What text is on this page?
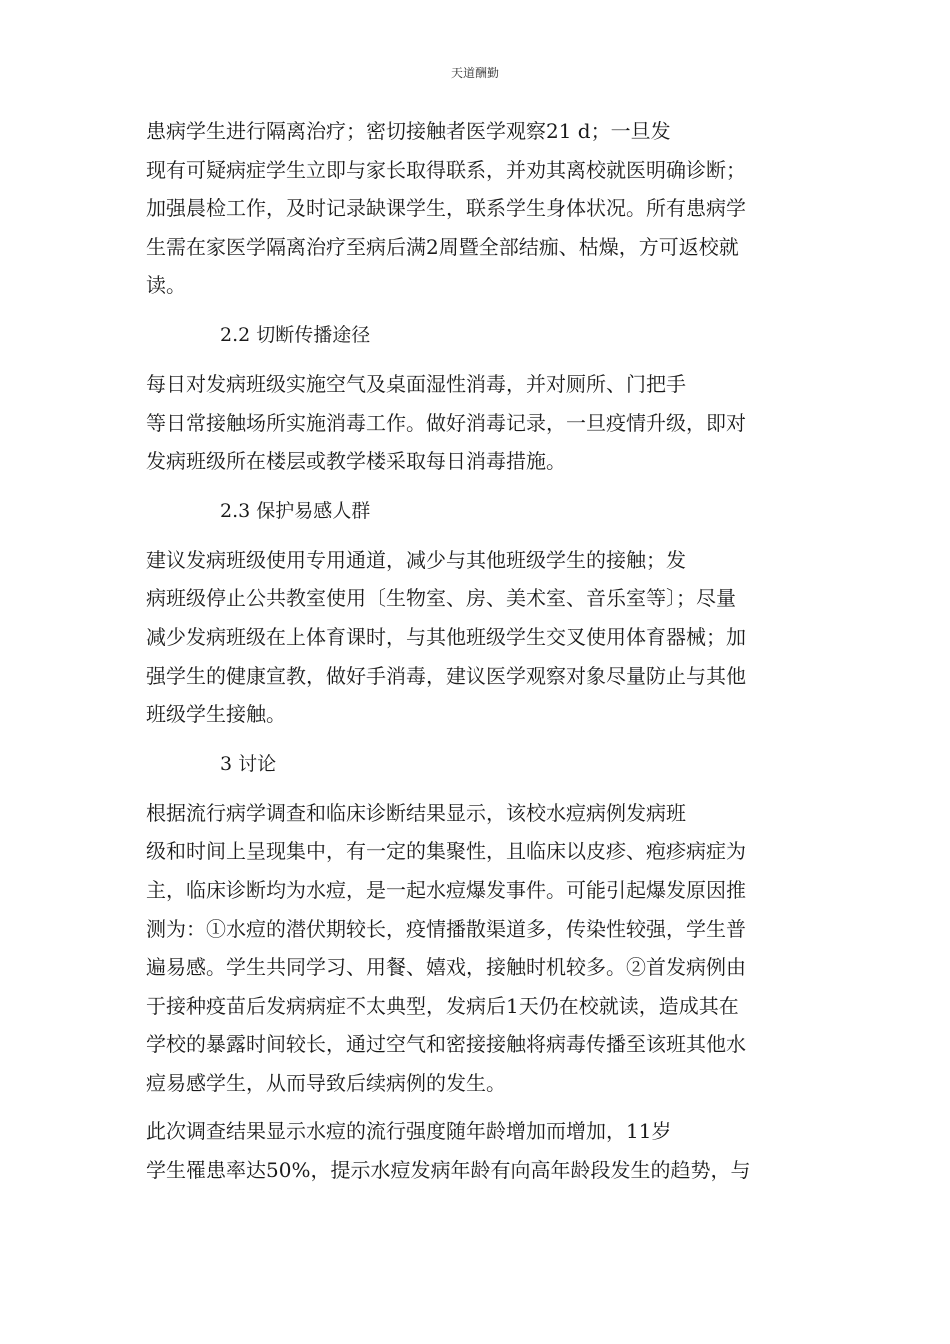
天道酬勤
患病学生进行隔离治疗；密切接触者医学观察21 d；一旦发
现有可疑病症学生立即与家长取得联系，并劝其离校就医明确诊断；
加强晨检工作，及时记录缺课学生，联系学生身体状况。所有患病学
生需在家医学隔离治疗至病后满2周暨全部结痂、枯燥，方可返校就
读。
2.2 切断传播途径
每日对发病班级实施空气及桌面湿性消毒，并对厕所、门把手
等日常接触场所实施消毒工作。做好消毒记录，一旦疫情升级，即对
发病班级所在楼层或教学楼采取每日消毒措施。
2.3 保护易感人群
建议发病班级使用专用通道，减少与其他班级学生的接触；发
病班级停止公共教室使用〔生物室、房、美术室、音乐室等〕；尽量
减少发病班级在上体育课时，与其他班级学生交叉使用体育器械；加
强学生的健康宣教，做好手消毒，建议医学观察对象尽量防止与其他
班级学生接触。
3 讨论
根据流行病学调查和临床诊断结果显示，该校水痘病例发病班
级和时间上呈现集中，有一定的集聚性，且临床以皮疹、疱疹病症为
主，临床诊断均为水痘，是一起水痘爆发事件。可能引起爆发原因推
测为：①水痘的潜伏期较长，疫情播散渠道多，传染性较强，学生普
遍易感。学生共同学习、用餐、嬉戏，接触时机较多。②首发病例由
于接种疫苗后发病病症不太典型，发病后1天仍在校就读，造成其在
学校的暴露时间较长，通过空气和密接接触将病毒传播至该班其他水
痘易感学生，从而导致后续病例的发生。
此次调查结果显示水痘的流行强度随年龄增加而增加，11岁
学生罹患率达50%，提示水痘发病年龄有向高年龄段发生的趋势，与
